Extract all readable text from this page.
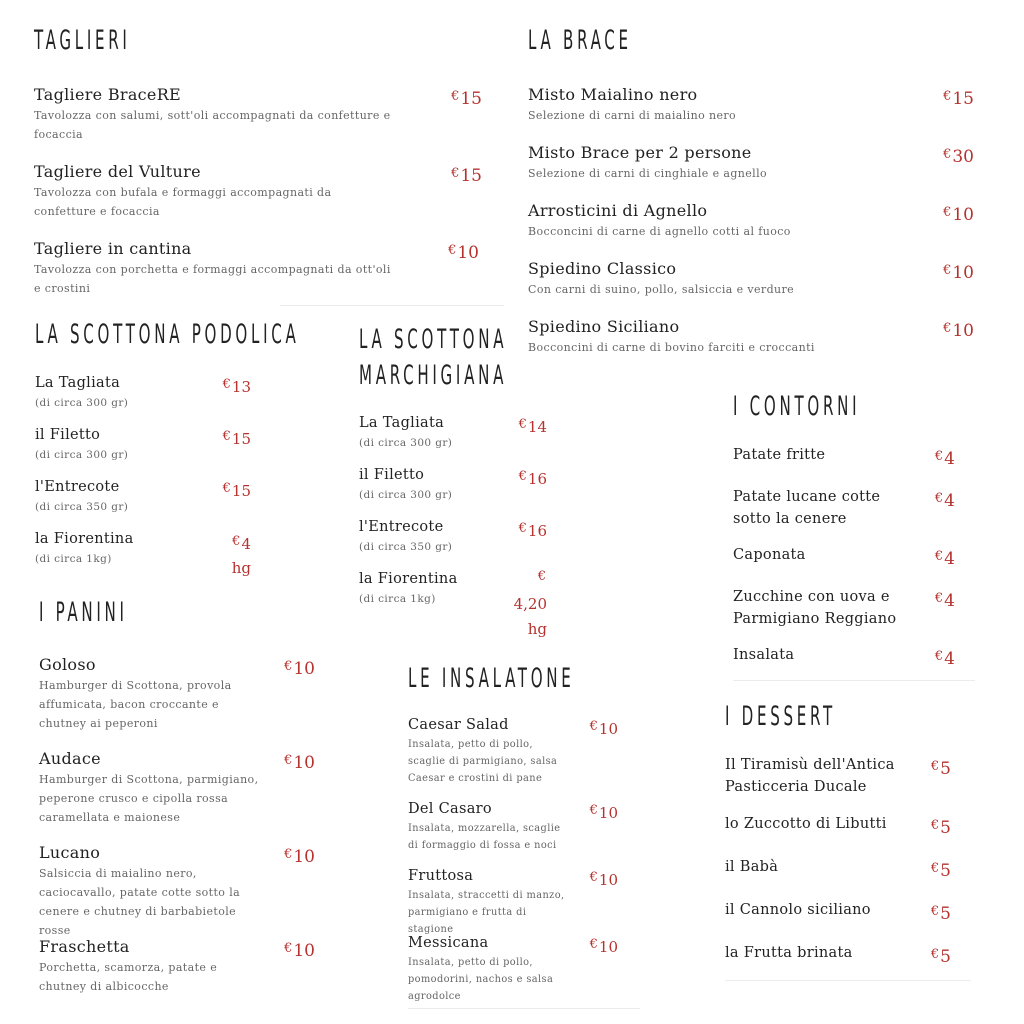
TAGLIERI
Tagliere BraceRE
Tavolozza con salumi, sott'oli accompagnati da confetture e focaccia
€15
Tagliere del Vulture
Tavolozza con bufala e formaggi accompagnati da confetture e focaccia
€15
Tagliere in cantina
Tavolozza con porchetta e formaggi accompagnati da ott'oli e crostini
€10
LA BRACE
Misto Maialino nero
Selezione di carni di maialino nero
€15
Misto Brace per 2 persone
Selezione di carni di cinghiale e agnello
€30
Arrosticini di Agnello
Bocconcini di carne di agnello cotti al fuoco
€10
Spiedino Classico
Con carni di suino, pollo, salsiccia e verdure
€10
Spiedino Siciliano
Bocconcini di carne di bovino farciti e croccanti
€10
LA SCOTTONA PODOLICA
La Tagliata
(di circa 300 gr)
€13
il Filetto
(di circa 300 gr)
€15
l'Entrecote
(di circa 350 gr)
€15
la Fiorentina
(di circa 1kg)
€4
hg
LA SCOTTONA
MARCHIGIANA
La Tagliata
(di circa 300 gr)
€14
il Filetto
(di circa 300 gr)
€16
l'Entrecote
(di circa 350 gr)
€16
la Fiorentina
(di circa 1kg)
€
4,20
hg
I CONTORNI
Patate fritte	€4
Patate lucane cotte sotto la cenere
€4
Caponata	€4
Zucchine con uova e Parmigiano Reggiano
€4
Insalata	€4
I PANINI
Goloso
Hamburger di Scottona, provola affumicata, bacon croccante e chutney ai peperoni
€10
Audace
Hamburger di Scottona, parmigiano, peperone crusco e cipolla rossa caramellata e maionese
€10
Lucano
Salsiccia di maialino nero, caciocavallo, patate cotte sotto la cenere e chutney di barbabietole rosse
€10
Fraschetta
Porchetta, scamorza, patate e chutney di albicocche
€10
LE INSALATONE
Caesar Salad
Insalata, petto di pollo, scaglie di parmigiano, salsa Caesar e crostini di pane
€10
Del Casaro
Insalata, mozzarella, scaglie di formaggio di fossa e noci
€10
Fruttosa
Insalata, straccetti di manzo, parmigiano e frutta di stagione
€10
Messicana
Insalata, petto di pollo, pomodorini, nachos e salsa agrodolce
€10
I DESSERT
Il Tiramisù dell'Antica Pasticceria Ducale
€5
lo Zuccotto di Libutti	€5
il Babà	€5
il Cannolo siciliano	€5
la Frutta brinata	€5
